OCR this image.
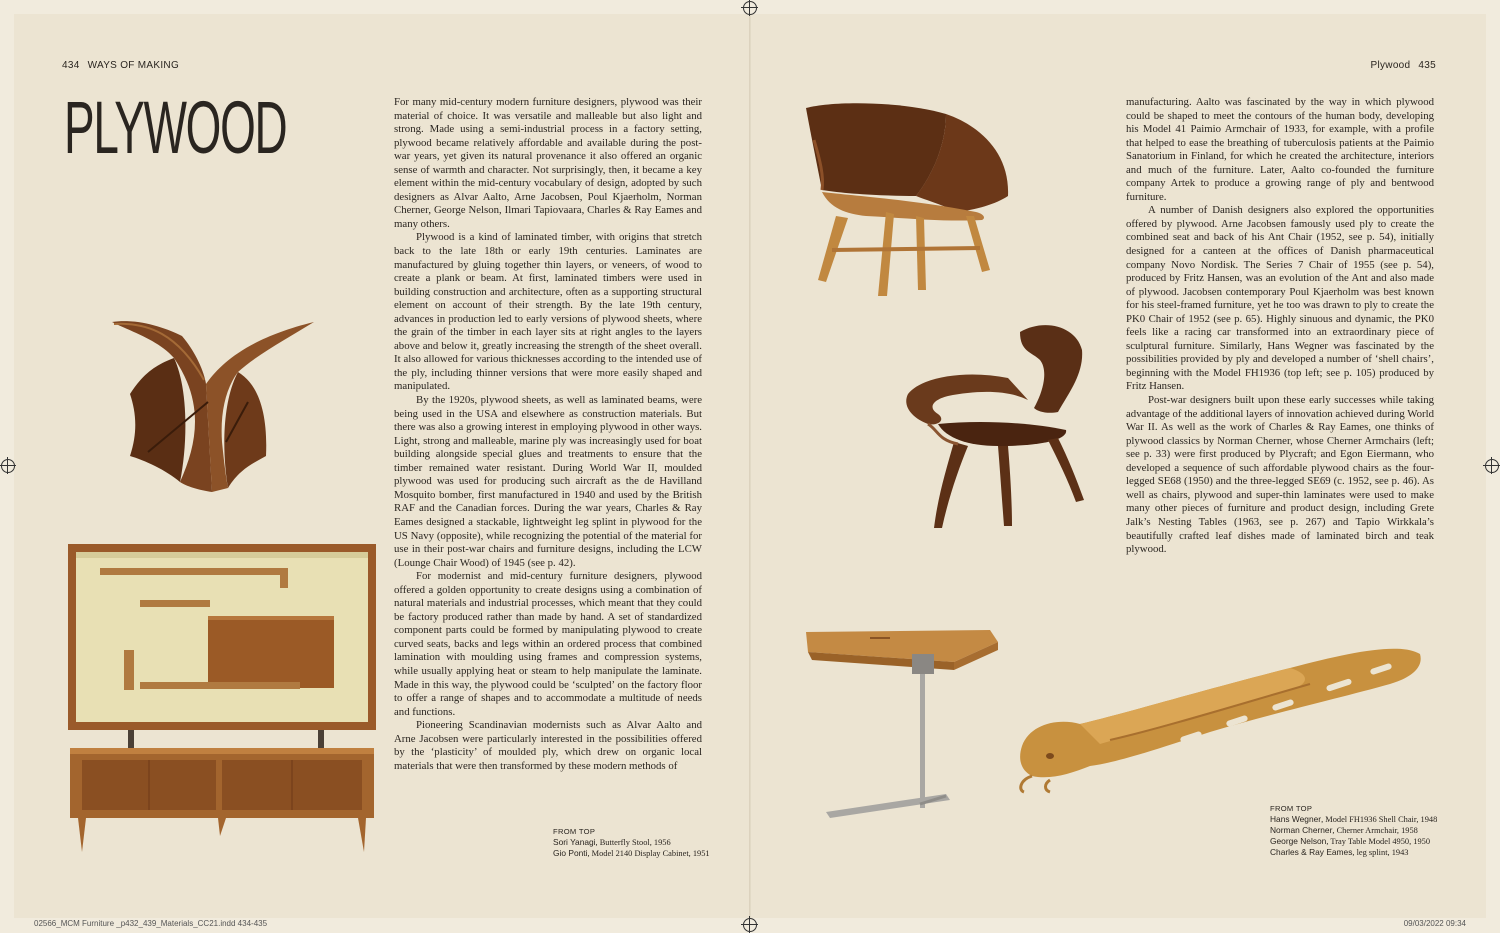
434 WAYS OF MAKING	Plywood 435
PLYWOOD	For many mid-century modern furniture designers, plywood was their material of choice. It was versatile and malleable but also light and strong. Made using a semi-industrial process in a factory setting, plywood became relatively affordable and available during the post-war years, yet given its natural provenance it also offered an organic sense of warmth and character. Not surprisingly, then, it became a key element within the mid-century vocabulary of design, adopted by such designers as Alvar Aalto, Arne Jacobsen, Poul Kjaerholm, Norman Cherner, George Nelson, Ilmari Tapiovaara, Charles & Ray Eames and many others.

Plywood is a kind of laminated timber, with origins that stretch back to the late 18th or early 19th centuries. Laminates are manufactured by gluing together thin layers, or veneers, of wood to create a plank or beam. At first, laminated timbers were used in building construction and architecture, often as a supporting structural element on account of their strength. By the late 19th century, advances in production led to early versions of plywood sheets, where the grain of the timber in each layer sits at right angles to the layers above and below it, greatly increasing the strength of the sheet overall. It also allowed for various thicknesses according to the intended use of the ply, including thinner versions that were more easily shaped and manipulated.

By the 1920s, plywood sheets, as well as laminated beams, were being used in the USA and elsewhere as construction materials. But there was also a growing interest in employing plywood in other ways. Light, strong and malleable, marine ply was increasingly used for boat building alongside special glues and treatments to ensure that the timber remained water resistant. During World War II, moulded plywood was used for producing such aircraft as the de Havilland Mosquito bomber, first manufactured in 1940 and used by the British RAF and the Canadian forces. During the war years, Charles & Ray Eames designed a stackable, lightweight leg splint in plywood for the US Navy (opposite), while recognizing the potential of the material for use in their post-war chairs and furniture designs, including the LCW (Lounge Chair Wood) of 1945 (see p. 42).

For modernist and mid-century furniture designers, plywood offered a golden opportunity to create designs using a combination of natural materials and industrial processes, which meant that they could be factory produced rather than made by hand. A set of standardized component parts could be formed by manipulating plywood to create curved seats, backs and legs within an ordered process that combined lamination with moulding using frames and compression systems, while usually applying heat or steam to help manipulate the laminate. Made in this way, the plywood could be ‘sculpted’ on the factory floor to offer a range of shapes and to accommodate a multitude of needs and functions.

Pioneering Scandinavian modernists such as Alvar Aalto and Arne Jacobsen were particularly interested in the possibilities offered by the ‘plasticity’ of moulded ply, which drew on organic local materials that were then transformed by these modern methods of

manufacturing. Aalto was fascinated by the way in which plywood could be shaped to meet the contours of the human body, developing his Model 41 Paimio Armchair of 1933, for example, with a profile that helped to ease the breathing of tuberculosis patients at the Paimio Sanatorium in Finland, for which he created the architecture, interiors and much of the furniture. Later, Aalto co-founded the furniture company Artek to produce a growing range of ply and bentwood furniture.

A number of Danish designers also explored the opportunities offered by plywood. Arne Jacobsen famously used ply to create the combined seat and back of his Ant Chair (1952, see p. 54), initially designed for a canteen at the offices of Danish pharmaceutical company Novo Nordisk. The Series 7 Chair of 1955 (see p. 54), produced by Fritz Hansen, was an evolution of the Ant and also made of plywood. Jacobsen contemporary Poul Kjaerholm was best known for his steel-framed furniture, yet he too was drawn to ply to create the PK0 Chair of 1952 (see p. 65). Highly sinuous and dynamic, the PK0 feels like a racing car transformed into an extraordinary piece of sculptural furniture. Similarly, Hans Wegner was fascinated by the possibilities provided by ply and developed a number of ‘shell chairs’, beginning with the Model FH1936 (top left; see p. 105) produced by Fritz Hansen.

Post-war designers built upon these early successes while taking advantage of the additional layers of innovation achieved during World War II. As well as the work of Charles & Ray Eames, one thinks of plywood classics by Norman Cherner, whose Cherner Armchairs (left; see p. 33) were first produced by Plycraft; and Egon Eiermann, who developed a sequence of such affordable plywood chairs as the four-legged SE68 (1950) and the three-legged SE69 (c. 1952, see p. 46). As well as chairs, plywood and super-thin laminates were used to make many other pieces of furniture and product design, including Grete Jalk’s Nesting Tables (1963, see p. 267) and Tapio Wirkkala’s beautifully crafted leaf dishes made of laminated birch and teak plywood.

FROM TOP
Sori Yanagi, Butterfly Stool, 1956
Gio Ponti, Model 2140 Display Cabinet, 1951
FROM TOP
Hans Wegner, Model FH1936 Shell Chair, 1948
Norman Cherner, Cherner Armchair, 1958
George Nelson, Tray Table Model 4950, 1950
Charles & Ray Eames, leg splint, 1943
02566_MCM Furniture _p432_439_Materials_CC21.indd 434-435	09/03/2022 09:34
